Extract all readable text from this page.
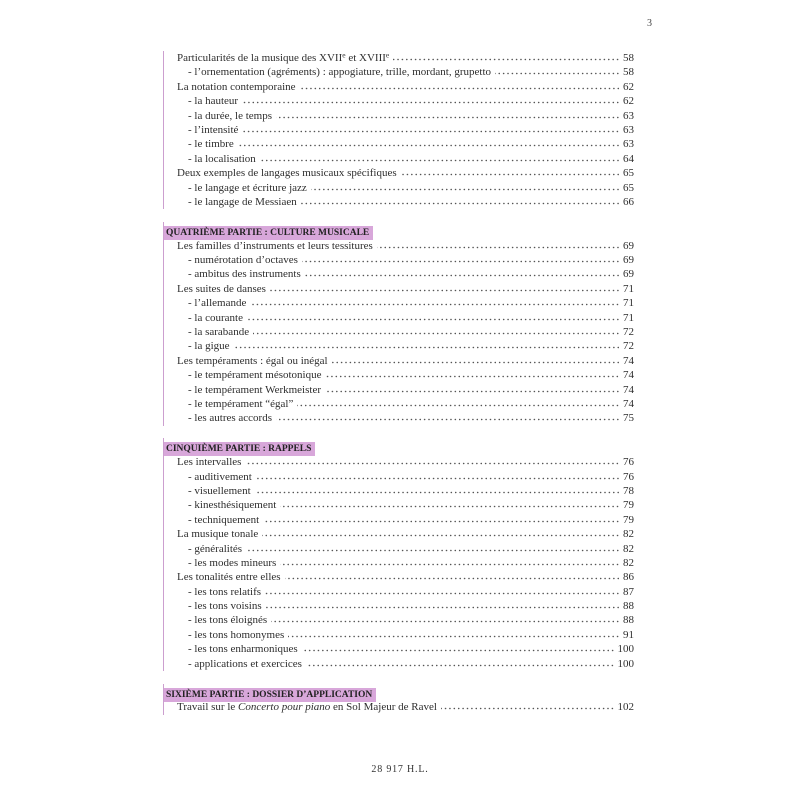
3
Particularités de la musique des XVIIe et XVIIIe	58
- l’ornementation (agréments) : appogiature, trille, mordant, grupetto	58
La notation contemporaine	62
- la hauteur	62
- la durée, le temps	63
- l’intensité	63
- le timbre	63
- la localisation	64
Deux exemples de langages musicaux spécifiques	65
- le langage et écriture jazz	65
- le langage de Messiaen	66
QUATRIÈME PARTIE : CULTURE MUSICALE
Les familles d’instruments et leurs tessitures	69
- numérotation d’octaves	69
- ambitus des instruments	69
Les suites de danses	71
- l’allemande	71
- la courante	71
- la sarabande	72
- la gigue	72
Les tempéraments : égal ou inégal	74
- le tempérament mésotonique	74
- le tempérament Werkmeister	74
- le tempérament “égal”	74
- les autres accords	75
CINQUIÈME PARTIE : RAPPELS
Les intervalles	76
- auditivement	76
- visuellement	78
- kinesthésiquement	79
- techniquement	79
La musique tonale	82
- généralités	82
- les modes mineurs	82
Les tonalités entre elles	86
- les tons relatifs	87
- les tons voisins	88
- les tons éloignés	88
- les tons homonymes	91
- les tons enharmoniques	100
- applications et exercices	100
SIXIÈME PARTIE : DOSSIER D’APPLICATION
Travail sur le Concerto pour piano en Sol Majeur de Ravel	102
28 917 H.L.
